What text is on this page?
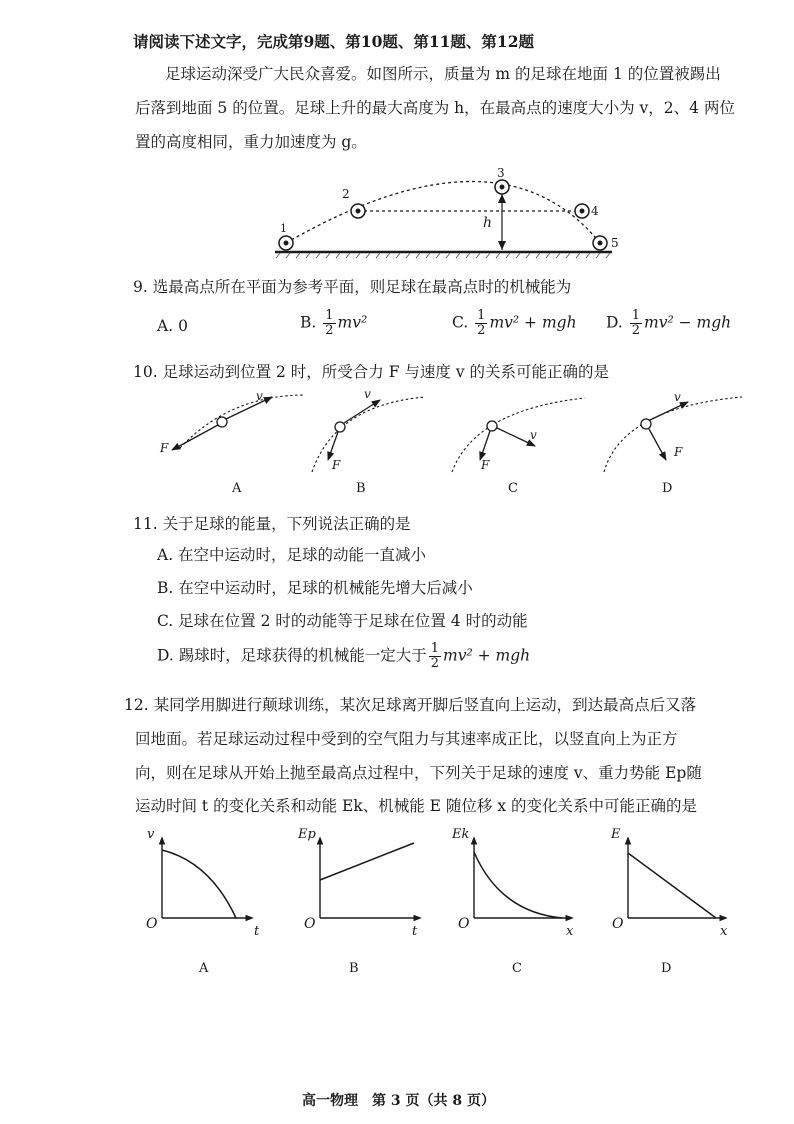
请阅读下述文字，完成第9题、第10题、第11题、第12题
足球运动深受广大民众喜爱。如图所示，质量为 m 的足球在地面 1 的位置被踢出
后落到地面 5 的位置。足球上升的最大高度为 h，在最高点的速度大小为 v，2、4 两位
置的高度相同，重力加速度为 g。
h
1
2
3
4
5
9. 选最高点所在平面为参考平面，则足球在最高点时的机械能为
A. 0	B. $\frac{1}{2} mv^2$	C. $\frac{1}{2} mv^2$ + mgh D. $\frac{1}{2} mv^2$ − mgh
10. 足球运动到位置 2 时，所受合力 F 与速度 v 的关系可能正确的是
v
F
A
v
F
B
v
F
C
v
F
D
11. 关于足球的能量，下列说法正确的是
A. 在空中运动时，足球的动能一直减小
B. 在空中运动时，足球的机械能先增大后减小
C. 足球在位置 2 时的动能等于足球在位置 4 时的动能
D. 踢球时，足球获得的机械能一定大于 $\frac{1}{2} mv^2$ + mgh
12. 某同学用脚进行颠球训练，某次足球离开脚后竖直向上运动，到达最高点后又落
回地面。若足球运动过程中受到的空气阻力与其速率成正比，以竖直向上为正方
向，则在足球从开始上抛至最高点过程中，下列关于足球的速度 v、重力势能 Ep随
运动时间 t 的变化关系和动能 Ek、机械能 E 随位移 x 的变化关系中可能正确的是
v
t
O
A
Ep
t
O
B
Ek
x
O
C
E
x
O
D
高一物理　第 3 页（共 8 页）
